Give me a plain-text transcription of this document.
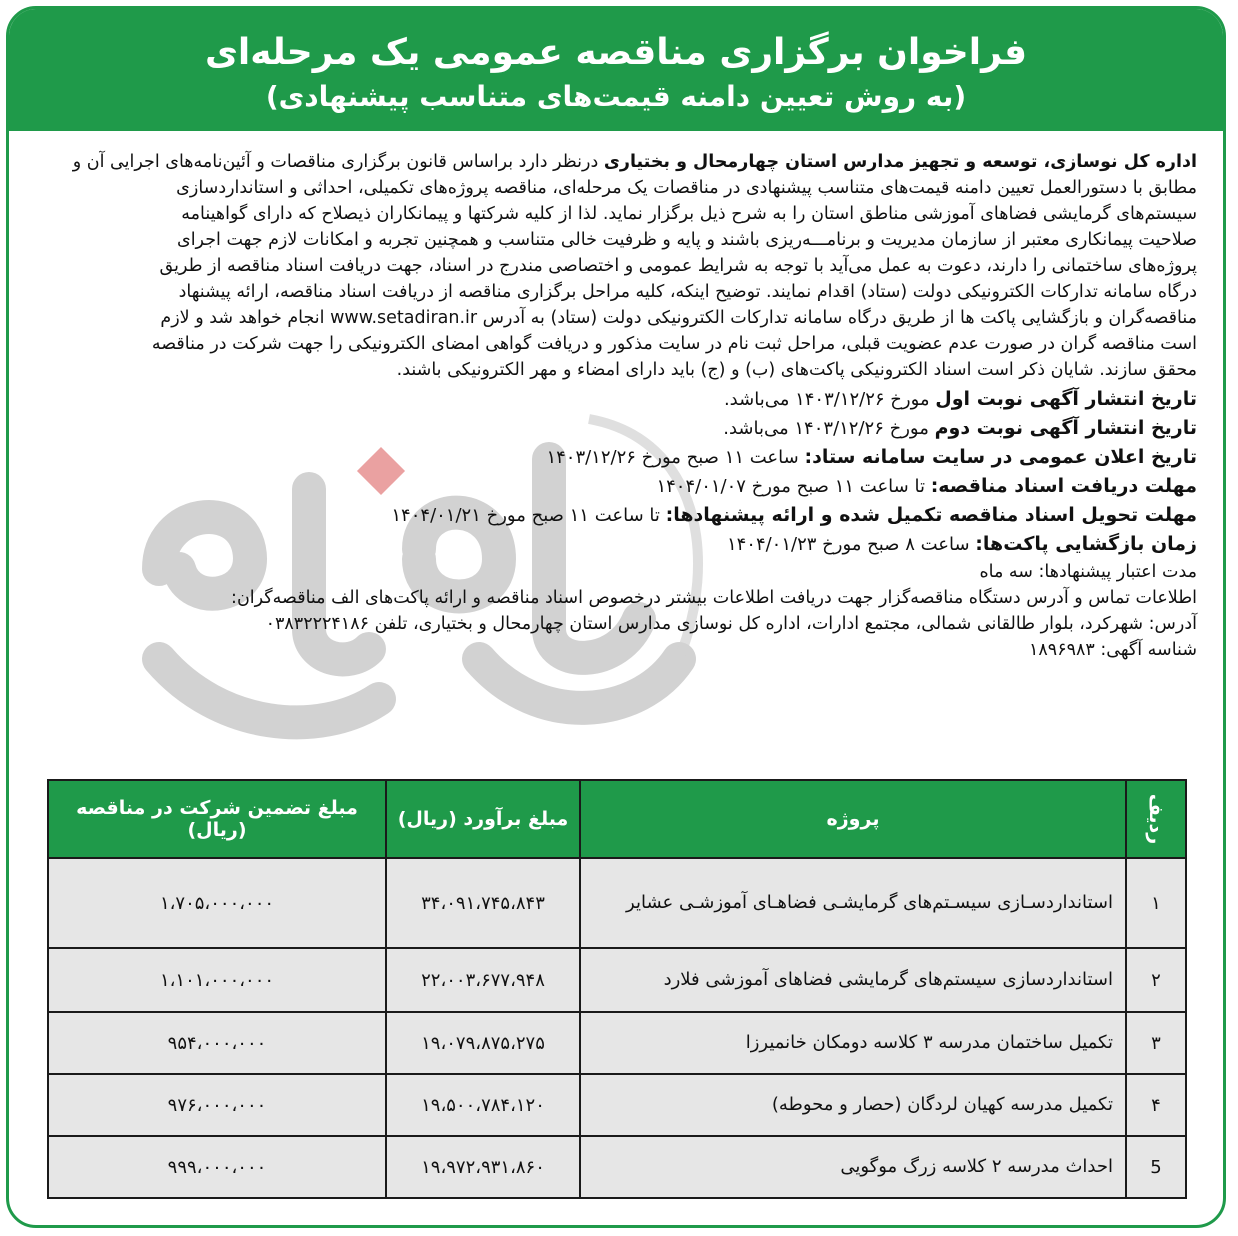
فراخوان برگزاری مناقصه عمومی یک مرحله‌ای
(به روش تعیین دامنه قیمت‌های متناسب پیشنهادی)
اداره کل نوسازی، توسعه و تجهیز مدارس استان چهارمحال و بختیاری درنظر دارد براساس قانون برگزاری مناقصات و آئین‌نامه‌های اجرایی آن و
مطابق با دستورالعمل تعیین دامنه قیمت‌های متناسب پیشنهادی در مناقصات یک مرحله‌ای، مناقصه پروژه‌های تکمیلی، احداثی و استانداردسازی
سیستم‌های گرمایشی فضاهای آموزشی مناطق استان را به شرح ذیل برگزار نماید. لذا از کلیه شرکتها و پیمانکاران ذیصلاح که دارای گواهینامه
صلاحیت پیمانکاری معتبر از سازمان مدیریت و برنامـــه‌ریزی باشند و پایه و ظرفیت خالی متناسب و همچنین تجربه و امکانات لازم جهت اجرای
پروژه‌های ساختمانی را دارند، دعوت به عمل می‌آید با توجه به شرایط عمومی و اختصاصی مندرج در اسناد، جهت دریافت اسناد مناقصه از طریق
درگاه سامانه تدارکات الکترونیکی دولت (ستاد) اقدام نمایند. توضیح اینکه، کلیه مراحل برگزاری مناقصه از دریافت اسناد مناقصه، ارائه پیشنهاد
مناقصه‌گران و بازگشایی پاکت ها از طریق درگاه سامانه تدارکات الکترونیکی دولت (ستاد) به آدرس www.setadiran.ir انجام خواهد شد و لازم
است مناقصه گران در صورت عدم عضویت قبلی، مراحل ثبت نام در سایت مذکور و دریافت گواهی امضای الکترونیکی را جهت شرکت در مناقصه
محقق سازند. شایان ذکر است اسناد الکترونیکی پاکت‌های (ب) و (ج) باید دارای امضاء و مهر الکترونیکی باشند.
تاریخ انتشار آگهی نوبت اول مورخ ۱۴۰۳/۱۲/۲۶ می‌باشد.
تاریخ انتشار آگهی نوبت دوم مورخ ۱۴۰۳/۱۲/۲۶ می‌باشد.
تاریخ اعلان عمومی در سایت سامانه ستاد: ساعت ۱۱ صبح مورخ ۱۴۰۳/۱۲/۲۶
مهلت دریافت اسناد مناقصه: تا ساعت ۱۱ صبح مورخ ۱۴۰۴/۰۱/۰۷
مهلت تحویل اسناد مناقصه تکمیل شده و ارائه پیشنهادها: تا ساعت ۱۱ صبح مورخ ۱۴۰۴/۰۱/۲۱
زمان بازگشایی پاکت‌ها: ساعت ۸ صبح مورخ ۱۴۰۴/۰۱/۲۳
مدت اعتبار پیشنهادها: سه ماه
اطلاعات تماس و آدرس دستگاه مناقصه‌گزار جهت دریافت اطلاعات بیشتر درخصوص اسناد مناقصه و ارائه پاکت‌های الف مناقصه‌گران:
آدرس: شهرکرد، بلوار طالقانی شمالی، مجتمع ادارات، اداره کل نوسازی مدارس استان چهارمحال و بختیاری، تلفن ۰۳۸۳۲۲۲۴۱۸۶
شناسه آگهی: ۱۸۹۶۹۸۳
ردیف	پروژه	مبلغ برآورد (ریال)	مبلغ تضمین شرکت در مناقصه (ریال)
۱	استانداردسـازی سیسـتم‌های گرمایشـی فضاهـای آموزشـی عشایر	۳۴،۰۹۱،۷۴۵،۸۴۳	۱،۷۰۵،۰۰۰،۰۰۰
۲	استانداردسازی سیستم‌های گرمایشی فضاهای آموزشی فلارد	۲۲،۰۰۳،۶۷۷،۹۴۸	۱،۱۰۱،۰۰۰،۰۰۰
۳	تکمیل ساختمان مدرسه ۳ کلاسه دومکان خانمیرزا	۱۹،۰۷۹،۸۷۵،۲۷۵	۹۵۴،۰۰۰،۰۰۰
۴	تکمیل مدرسه کهیان لردگان (حصار و محوطه)	۱۹،۵۰۰،۷۸۴،۱۲۰	۹۷۶،۰۰۰،۰۰۰
5	احداث مدرسه ۲ کلاسه زرگ موگویی	۱۹،۹۷۲،۹۳۱،۸۶۰	۹۹۹،۰۰۰،۰۰۰
